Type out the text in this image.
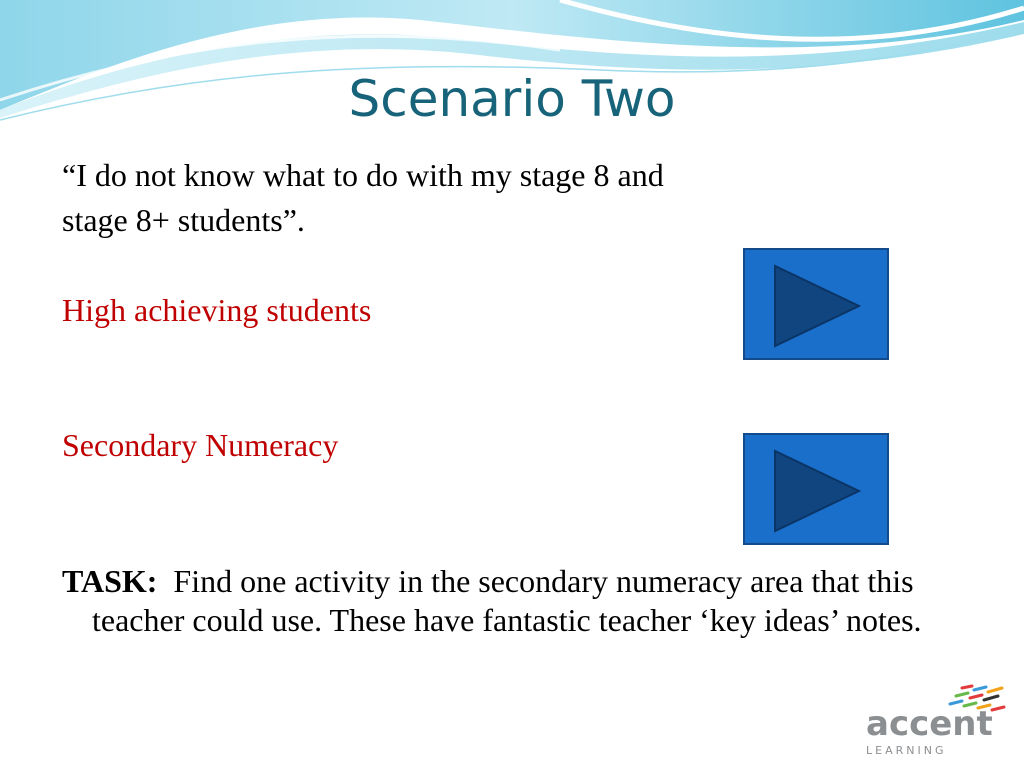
Scenario Two
“I do not know what to do with my stage 8 and
stage 8+ students”.
High achieving students
Secondary Numeracy
TASK: Find one activity in the secondary numeracy area that this teacher could use. These have fantastic teacher ‘key ideas’ notes.
accent
LEARNING
